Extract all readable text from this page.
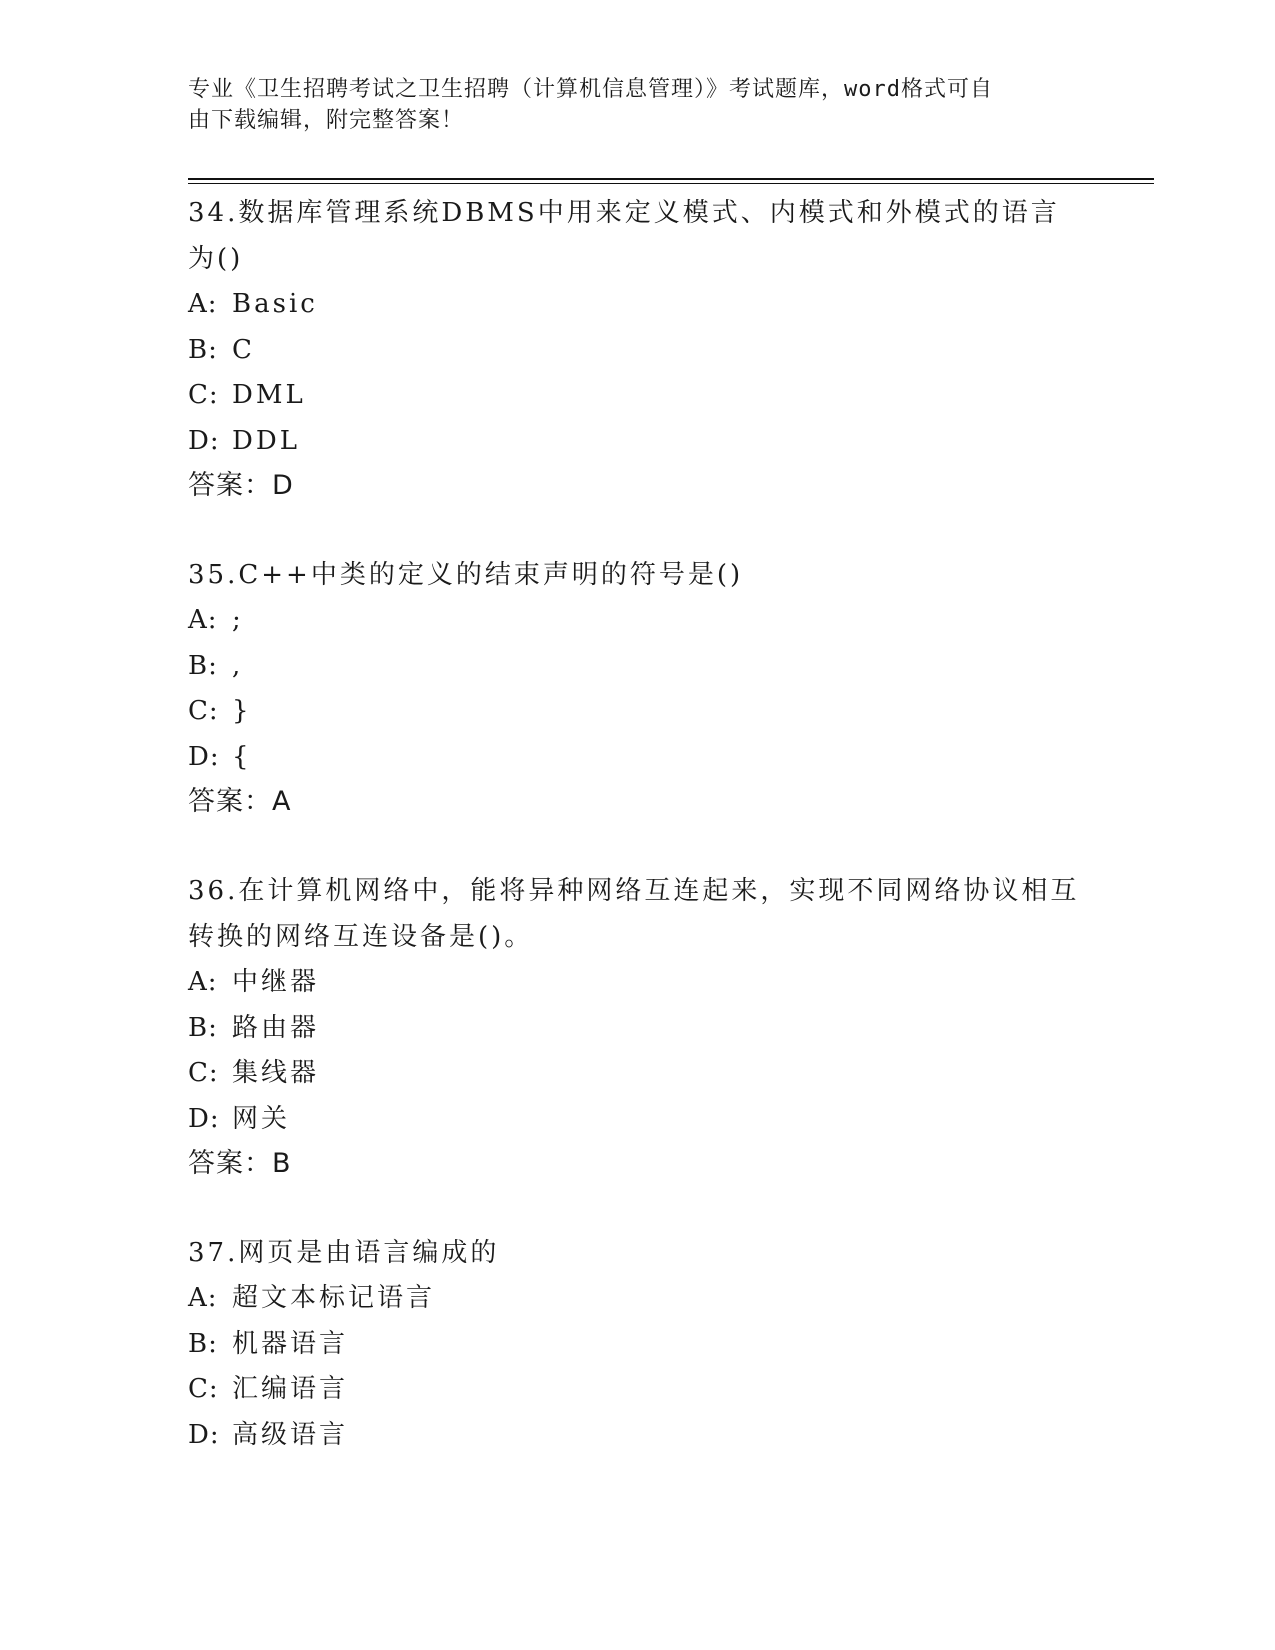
专业《卫生招聘考试之卫生招聘（计算机信息管理）》考试题库，word格式可自
由下载编辑，附完整答案！

34.数据库管理系统DBMS中用来定义模式、内模式和外模式的语言为()

A: Basic
B: C
C: DML
D: DDL
答案：D

35.C++中类的定义的结束声明的符号是()

A: ;
B: ,
C: }
D: {
答案：A

36.在计算机网络中，能将异种网络互连起来，实现不同网络协议相互转换的网络互连设备是()。

A: 中继器
B: 路由器
C: 集线器
D: 网关
答案：B

37.网页是由语言编成的

A: 超文本标记语言
B: 机器语言
C: 汇编语言
D: 高级语言
